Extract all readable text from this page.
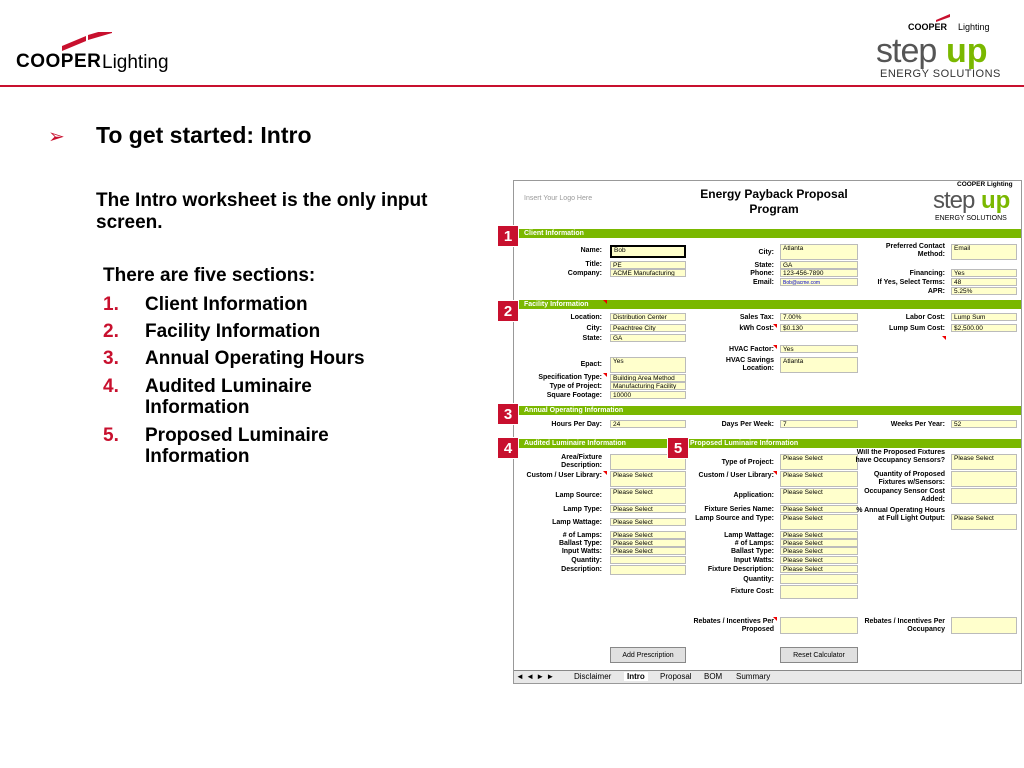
COOPER Lighting
COOPER Lighting
step up
ENERGY SOLUTIONS
➢ To get started: Intro
The Intro worksheet is the only input screen.
There are five sections:
1. Client Information
2. Facility Information
3. Annual Operating Hours
4. Audited Luminaire Information
5. Proposed Luminaire Information
Insert Your Logo Here	Energy Payback Proposal Program
COOPER Lighting
step up
ENERGY SOLUTIONS
Client Information
Name:	Bob
Title:	PE
Company:	ACME Manufacturing
City:
Atlanta
State:	GA
Phone:	123-456-7890
Email:	Bob@acme.com
Preferred Contact Method:
Email
Financing:	Yes
If Yes, Select Terms:	48
APR:	5.25%
Facility Information
Location:	Distribution Center
City:	Peachtree City
State:	GA
Epact:	Yes
Specification Type:	Building Area Method
Type of Project:	Manufacturing Facility
Square Footage:	10000
Sales Tax:	7.00%
kWh Cost:	$0.130
HVAC Factor:	Yes
HVAC Savings Location:
Atlanta
Labor Cost:	Lump Sum
Lump Sum Cost:	$2,500.00
Annual Operating Information
Hours Per Day:	24	Days Per Week:	7	Weeks Per Year:	52
Audited Luminaire Information	Proposed Luminaire Information
Area/Fixture Description:
Custom / User Library:	Please Select
Lamp Source:	Please Select
Lamp Type:	Please Select
Lamp Wattage:	Please Select
# of Lamps:	Please Select
Ballast Type:	Please Select
Input Watts:	Please Select
Quantity:
Description:
Type of Project:
Please Select
Custom / User Library:	Please Select
Application:	Please Select
Fixture Series Name:	Please Select
Lamp Source and Type:	Please Select
Lamp Wattage:	Please Select
# of Lamps:	Please Select
Ballast Type:	Please Select
Input Watts:	Please Select
Fixture Description:	Please Select
Quantity:
Fixture Cost:
Rebates / Incentives Per Proposed
Will the Proposed Fixtures have Occupancy Sensors?	Please Select
Quantity of Proposed Fixtures w/Sensors:
Occupancy Sensor Cost Added:
% Annual Operating Hours at Full Light Output:	Please Select
Rebates / Incentives Per Occupancy
Add Prescription	Reset Calculator
◄ ◄ ► ► Disclaimer	Intro	Proposal BOM Summary
1
2
3
4	5
